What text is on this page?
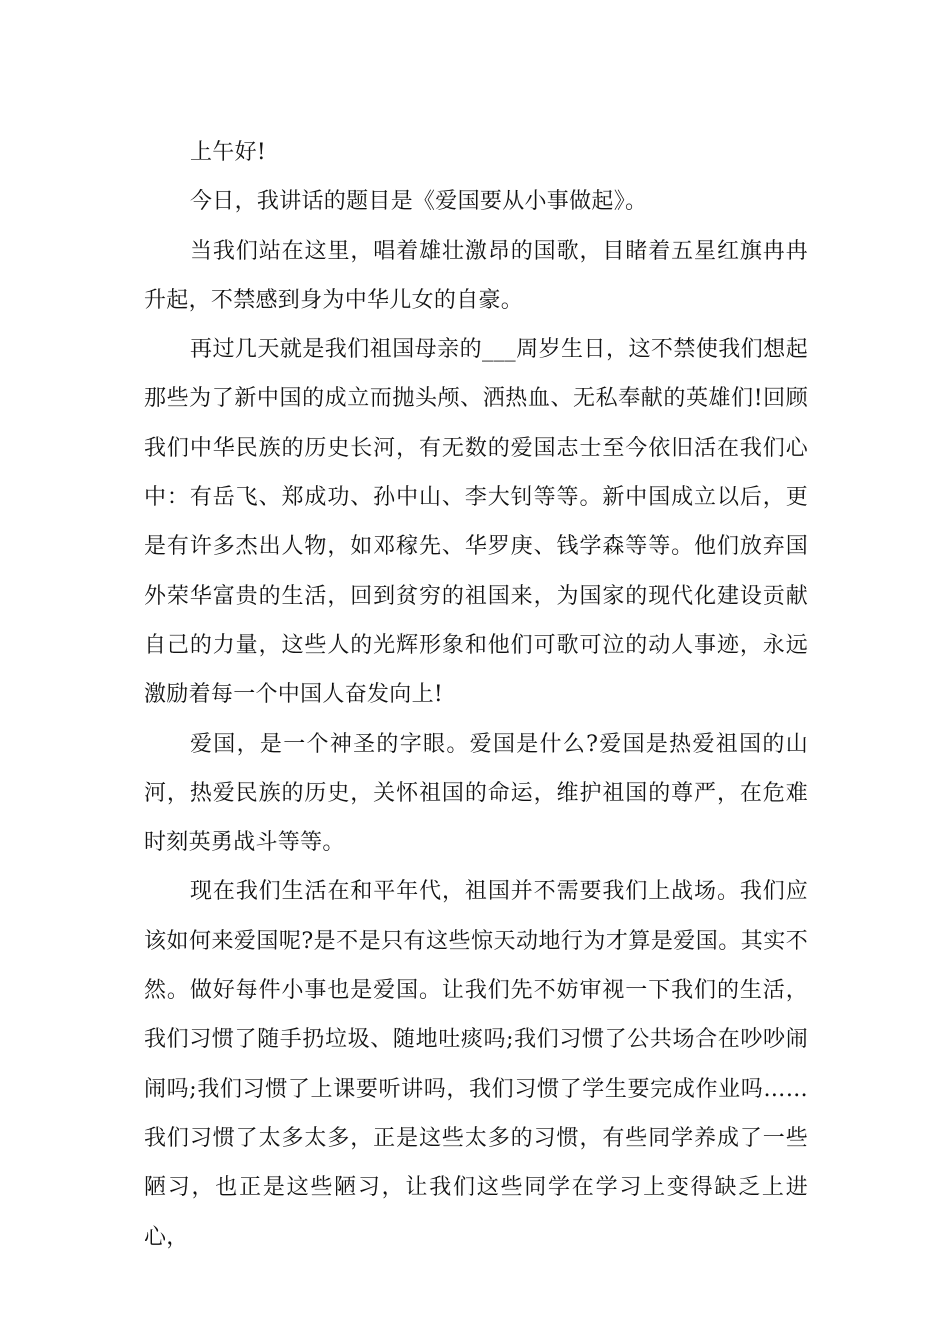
上午好!

今日，我讲话的题目是《爱国要从小事做起》。

当我们站在这里，唱着雄壮激昂的国歌，目睹着五星红旗冉冉升起，不禁感到身为中华儿女的自豪。

再过几天就是我们祖国母亲的___周岁生日，这不禁使我们想起那些为了新中国的成立而抛头颅、洒热血、无私奉献的英雄们!回顾我们中华民族的历史长河，有无数的爱国志士至今依旧活在我们心中：有岳飞、郑成功、孙中山、李大钊等等。新中国成立以后，更是有许多杰出人物，如邓稼先、华罗庚、钱学森等等。他们放弃国外荣华富贵的生活，回到贫穷的祖国来，为国家的现代化建设贡献自己的力量，这些人的光辉形象和他们可歌可泣的动人事迹，永远激励着每一个中国人奋发向上!

爱国，是一个神圣的字眼。爱国是什么?爱国是热爱祖国的山河，热爱民族的历史，关怀祖国的命运，维护祖国的尊严，在危难时刻英勇战斗等等。

现在我们生活在和平年代，祖国并不需要我们上战场。我们应该如何来爱国呢?是不是只有这些惊天动地行为才算是爱国。其实不然。做好每件小事也是爱国。让我们先不妨审视一下我们的生活，我们习惯了随手扔垃圾、随地吐痰吗;我们习惯了公共场合在吵吵闹闹吗;我们习惯了上课要听讲吗，我们习惯了学生要完成作业吗……我们习惯了太多太多，正是这些太多的习惯，有些同学养成了一些陋习，也正是这些陋习，让我们这些同学在学习上变得缺乏上进心，
